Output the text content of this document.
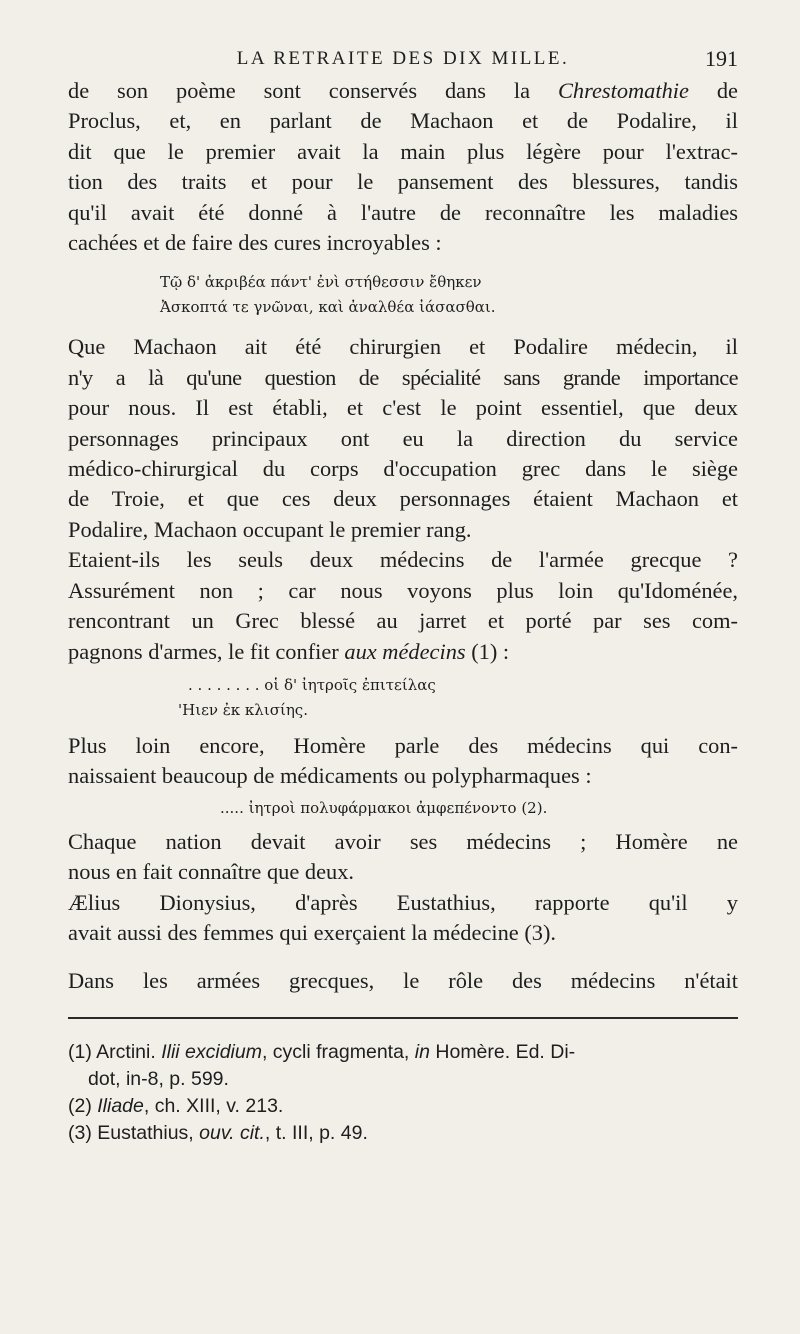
LA RETRAITE DES DIX MILLE.	191

de son poème sont conservés dans la Chrestomathie de
Proclus, et, en parlant de Machaon et de Podalire, il
dit que le premier avait la main plus légère pour l'extrac-
tion des traits et pour le pansement des blessures, tandis
qu'il avait été donné à l'autre de reconnaître les maladies
cachées et de faire des cures incroyables :

Τῷ δ' ἀκριβέα πάντ' ἐνὶ στήθεσσιν ἔθηκεν

Ἀσκοπτά τε γνῶναι, καὶ ἀναλθέα ἰάσασθαι.

Que Machaon ait été chirurgien et Podalire médecin, il
n'y a là qu'une question de spécialité sans grande importance
pour nous. Il est établi, et c'est le point essentiel, que deux
personnages principaux ont eu la direction du service
médico-chirurgical du corps d'occupation grec dans le siège
de Troie, et que ces deux personnages étaient Machaon et
Podalire, Machaon occupant le premier rang.
Etaient-ils les seuls deux médecins de l'armée grecque ?
Assurément non ; car nous voyons plus loin qu'Idoménée,
rencontrant un Grec blessé au jarret et porté par ses com-
pagnons d'armes, le fit confier aux médecins (1) :

. . . . . . . . οἱ δ' ἰητροῖς ἐπιτείλας

'Ηιεν ἐκ κλισίης.

Plus loin encore, Homère parle des médecins qui con-
naissaient beaucoup de médicaments ou polypharmaques :

..... ἰητροὶ πολυφάρμακοι ἀμφεπένοντο (2).

Chaque nation devait avoir ses médecins ; Homère ne
nous en fait connaître que deux.
Ælius Dionysius, d'après Eustathius, rapporte qu'il y
avait aussi des femmes qui exerçaient la médecine (3).

Dans les armées grecques, le rôle des médecins n'était

(1) Arctini. Ilii excidium, cycli fragmenta, in Homère. Ed. Di-
dot, in-8, p. 599.
(2) Iliade, ch. XIII, v. 213.
(3) Eustathius, ouv. cit., t. III, p. 49.
